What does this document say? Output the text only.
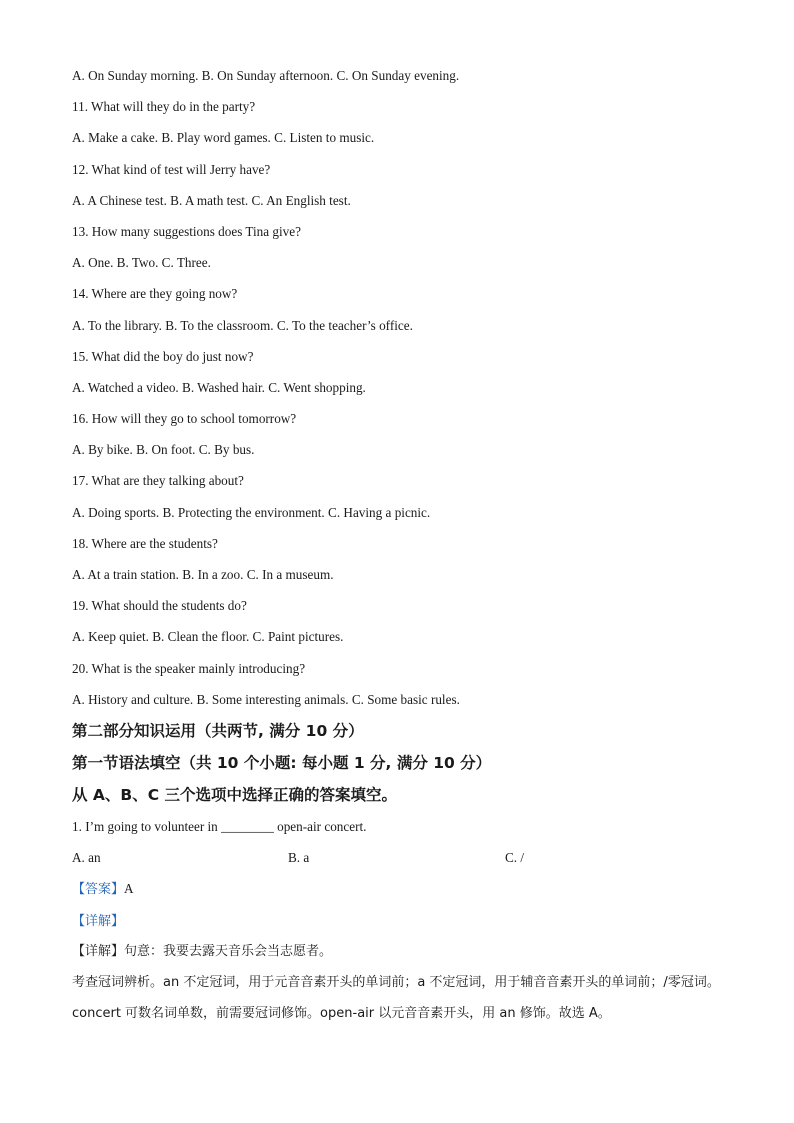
A. On Sunday morning. B. On Sunday afternoon. C. On Sunday evening.
11. What will they do in the party?
A. Make a cake. B. Play word games. C. Listen to music.
12. What kind of test will Jerry have?
A. A Chinese test. B. A math test. C. An English test.
13. How many suggestions does Tina give?
A. One. B. Two. C. Three.
14. Where are they going now?
A. To the library. B. To the classroom. C. To the teacher’s office.
15. What did the boy do just now?
A. Watched a video. B. Washed hair. C. Went shopping.
16. How will they go to school tomorrow?
A. By bike. B. On foot. C. By bus.
17. What are they talking about?
A. Doing sports. B. Protecting the environment. C. Having a picnic.
18. Where are the students?
A. At a train station. B. In a zoo. C. In a museum.
19. What should the students do?
A. Keep quiet. B. Clean the floor. C. Paint pictures.
20. What is the speaker mainly introducing?
A. History and culture. B. Some interesting animals. C. Some basic rules.
第二部分知识运用（共两节, 满分 10 分）
第一节语法填空（共 10 个小题: 每小题 1 分, 满分 10 分）
从 A、B、C 三个选项中选择正确的答案填空。
1. I’m going to volunteer in ________ open-air concert.
A. an	B. a	C. /
【答案】A
【详解】
【详解】句意：我要去露天音乐会当志愿者。
考查冠词辨析。an 不定冠词，用于元音音素开头的单词前；a 不定冠词，用于辅音音素开头的单词前；/零冠词。concert 可数名词单数，前需要冠词修饰。open-air 以元音音素开头，用 an 修饰。故选 A。
